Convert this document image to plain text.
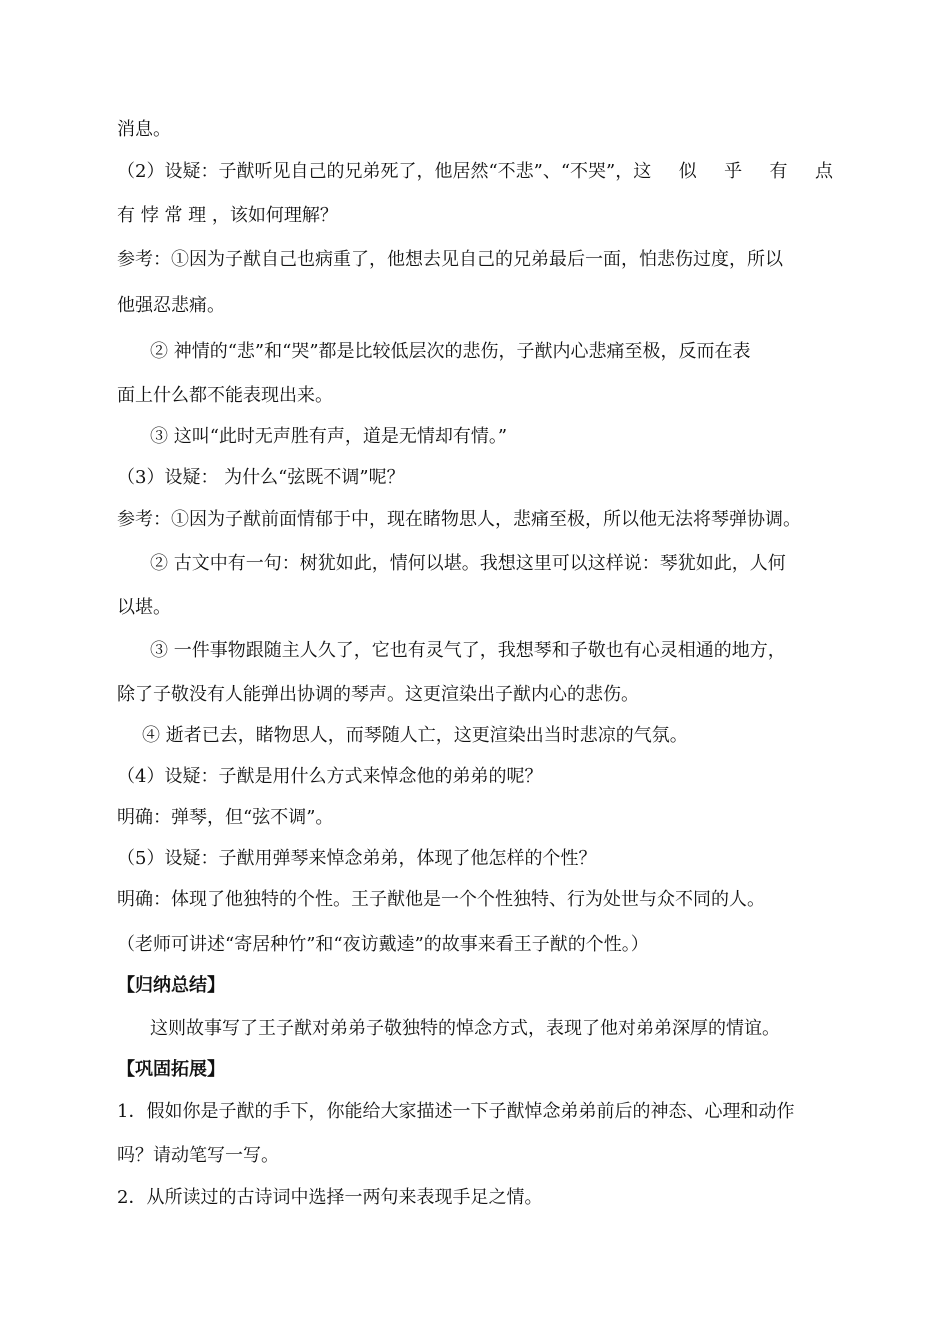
消息。
（2）设疑：子猷听见自己的兄弟死了，他居然“不悲”、“不哭”，这 似 乎 有 点
有 悖 常 理 ，该如何理解？
参考：①因为子猷自己也病重了，他想去见自己的兄弟最后一面，怕悲伤过度，所以
他强忍悲痛。
② 神情的“悲”和“哭”都是比较低层次的悲伤，子猷内心悲痛至极，反而在表
面上什么都不能表现出来。
③ 这叫“此时无声胜有声，道是无情却有情。”
（3）设疑： 为什么“弦既不调”呢？
参考：①因为子猷前面情郁于中，现在睹物思人，悲痛至极，所以他无法将琴弹协调。
② 古文中有一句：树犹如此，情何以堪。我想这里可以这样说：琴犹如此，人何
以堪。
③ 一件事物跟随主人久了，它也有灵气了，我想琴和子敬也有心灵相通的地方，
除了子敬没有人能弹出协调的琴声。这更渲染出子猷内心的悲伤。
④ 逝者已去，睹物思人，而琴随人亡，这更渲染出当时悲凉的气氛。
（4）设疑：子猷是用什么方式来悼念他的弟弟的呢？
明确：弹琴，但“弦不调”。
（5）设疑：子猷用弹琴来悼念弟弟，体现了他怎样的个性？
明确：体现了他独特的个性。王子猷他是一个个性独特、行为处世与众不同的人。
（老师可讲述“寄居种竹”和“夜访戴逵”的故事来看王子猷的个性。）
【归纳总结】
这则故事写了王子猷对弟弟子敬独特的悼念方式，表现了他对弟弟深厚的情谊。
【巩固拓展】
1．假如你是子猷的手下，你能给大家描述一下子猷悼念弟弟前后的神态、心理和动作
吗？请动笔写一写。
2．从所读过的古诗词中选择一两句来表现手足之情。
